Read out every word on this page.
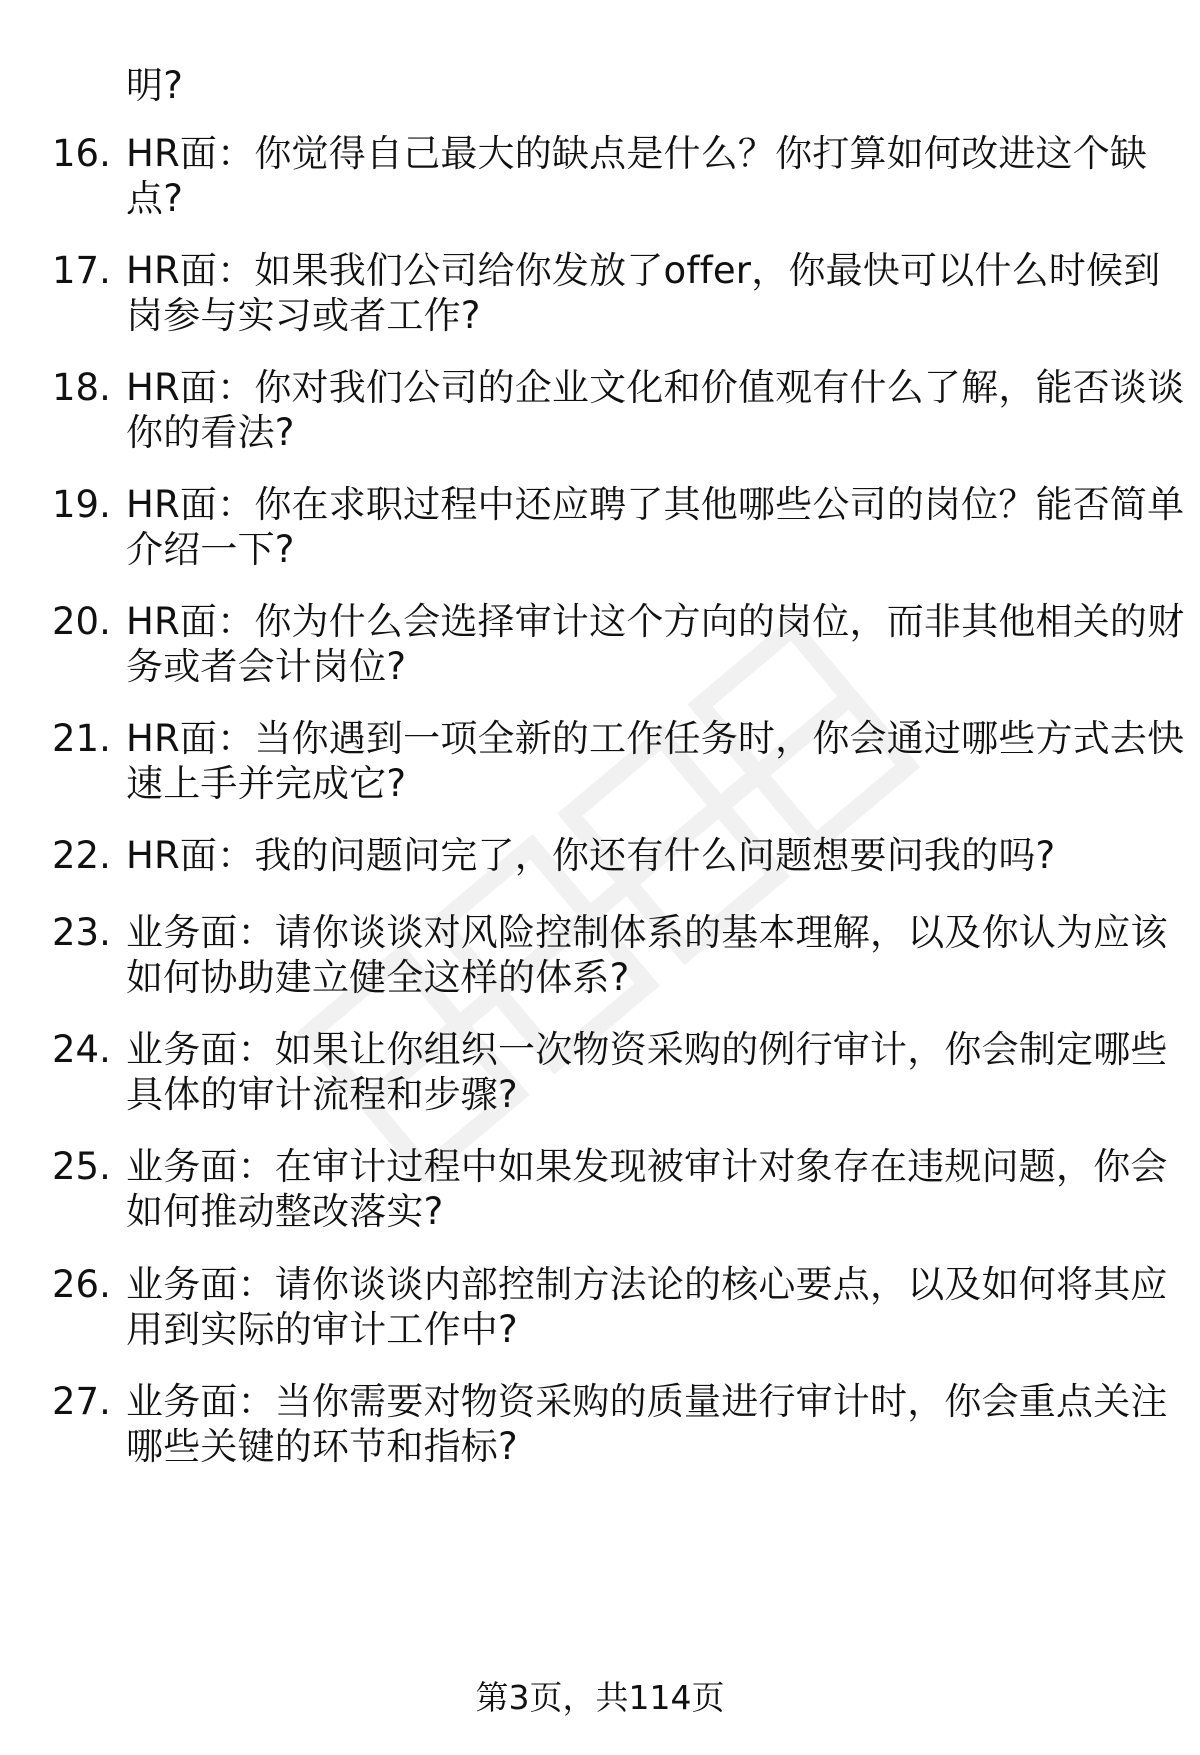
明?
16. HR面：你觉得自己最大的缺点是什么？你打算如何改进这个缺
点?
17. HR面：如果我们公司给你发放了offer，你最快可以什么时候到
岗参与实习或者工作?
18. HR面：你对我们公司的企业文化和价值观有什么了解，能否谈谈
你的看法?
19. HR面：你在求职过程中还应聘了其他哪些公司的岗位？能否简单
介绍一下?
20. HR面：你为什么会选择审计这个方向的岗位，而非其他相关的财
务或者会计岗位?
21. HR面：当你遇到一项全新的工作任务时，你会通过哪些方式去快
速上手并完成它?
22. HR面：我的问题问完了，你还有什么问题想要问我的吗?
23. 业务面：请你谈谈对风险控制体系的基本理解，以及你认为应该
如何协助建立健全这样的体系?
24. 业务面：如果让你组织一次物资采购的例行审计，你会制定哪些
具体的审计流程和步骤?
25. 业务面：在审计过程中如果发现被审计对象存在违规问题，你会
如何推动整改落实?
26. 业务面：请你谈谈内部控制方法论的核心要点，以及如何将其应
用到实际的审计工作中?
27. 业务面：当你需要对物资采购的质量进行审计时，你会重点关注
哪些关键的环节和指标?
第3页，共114页
